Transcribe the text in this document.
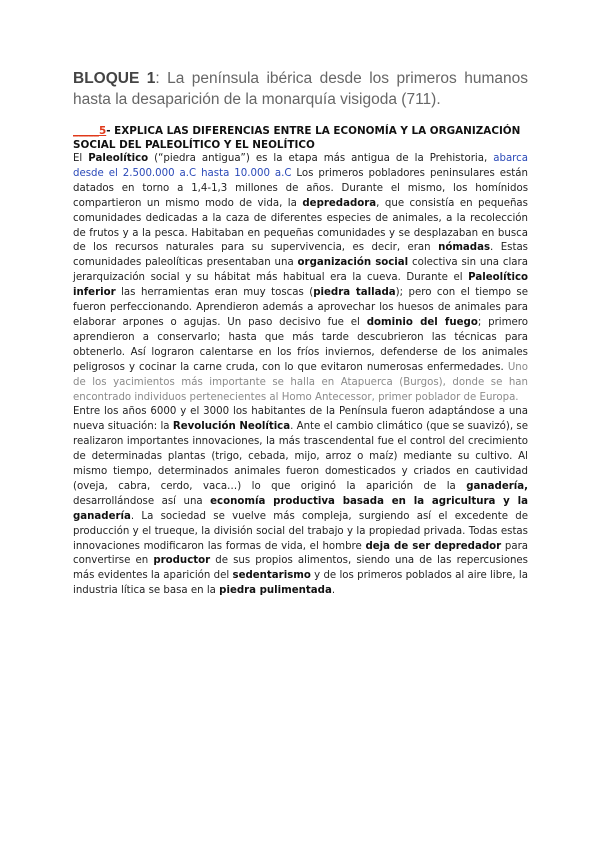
BLOQUE 1: La península ibérica desde los primeros humanos hasta la desaparición de la monarquía visigoda (711).

_____5- EXPLICA LAS DIFERENCIAS ENTRE LA ECONOMÍA Y LA ORGANIZACIÓN SOCIAL DEL PALEOLÍTICO Y EL NEOLÍTICO

El Paleolítico (“piedra antigua”) es la etapa más antigua de la Prehistoria, abarca desde el 2.500.000 a.C hasta 10.000 a.C Los primeros pobladores peninsulares están datados en torno a 1,4-1,3 millones de años. Durante el mismo, los homínidos compartieron un mismo modo de vida, la depredadora, que consistía en pequeñas comunidades dedicadas a la caza de diferentes especies de animales, a la recolección de frutos y a la pesca. Habitaban en pequeñas comunidades y se desplazaban en busca de los recursos naturales para su supervivencia, es decir, eran nómadas. Estas comunidades paleolíticas presentaban una organización social colectiva sin una clara jerarquización social y su hábitat más habitual era la cueva. Durante el Paleolítico inferior las herramientas eran muy toscas (piedra tallada); pero con el tiempo se fueron perfeccionando. Aprendieron además a aprovechar los huesos de animales para elaborar arpones o agujas. Un paso decisivo fue el dominio del fuego; primero aprendieron a conservarlo; hasta que más tarde descubrieron las técnicas para obtenerlo. Así lograron calentarse en los fríos inviernos, defenderse de los animales peligrosos y cocinar la carne cruda, con lo que evitaron numerosas enfermedades. Uno de los yacimientos más importante se halla en Atapuerca (Burgos), donde se han encontrado individuos pertenecientes al Homo Antecessor, primer poblador de Europa.

Entre los años 6000 y el 3000 los habitantes de la Península fueron adaptándose a una nueva situación: la Revolución Neolítica. Ante el cambio climático (que se suavizó), se realizaron importantes innovaciones, la más trascendental fue el control del crecimiento de determinadas plantas (trigo, cebada, mijo, arroz o maíz) mediante su cultivo. Al mismo tiempo, determinados animales fueron domesticados y criados en cautividad (oveja, cabra, cerdo, vaca…) lo que originó la aparición de la ganadería, desarrollándose así una economía productiva basada en la agricultura y la ganadería. La sociedad se vuelve más compleja, surgiendo así el excedente de producción y el trueque, la división social del trabajo y la propiedad privada. Todas estas innovaciones modificaron las formas de vida, el hombre deja de ser depredador para convertirse en productor de sus propios alimentos, siendo una de las repercusiones más evidentes la aparición del sedentarismo y de los primeros poblados al aire libre, la industria lítica se basa en la piedra pulimentada.
